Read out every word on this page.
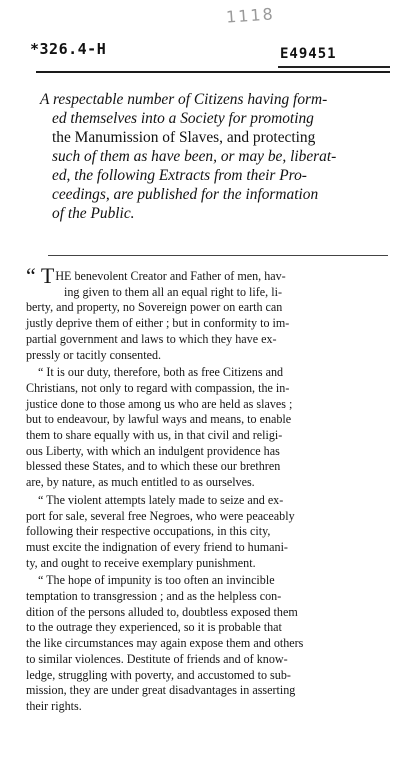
1118
*326.4-H	E49451
A respectable number of Citizens having form-
ed themselves into a Society for promoting
the Manumission of Slaves, and protecting
such of them as have been, or may be, liberat-
ed, the following Extracts from their Pro-
ceedings, are published for the information
of the Public.
“ THE benevolent Creator and Father of men, hav-
ing given to them all an equal right to life, li-
berty, and property, no Sovereign power on earth can
justly deprive them of either ; but in conformity to im-
partial government and laws to which they have ex-
pressly or tacitly consented.
“ It is our duty, therefore, both as free Citizens and
Christians, not only to regard with compassion, the in-
justice done to those among us who are held as slaves ;
but to endeavour, by lawful ways and means, to enable
them to share equally with us, in that civil and religi-
ous Liberty, with which an indulgent providence has
blessed these States, and to which these our brethren
are, by nature, as much entitled to as ourselves.
“ The violent attempts lately made to seize and ex-
port for sale, several free Negroes, who were peaceably
following their respective occupations, in this city,
must excite the indignation of every friend to humani-
ty, and ought to receive exemplary punishment.
“ The hope of impunity is too often an invincible
temptation to transgression ; and as the helpless con-
dition of the persons alluded to, doubtless exposed them
to the outrage they experienced, so it is probable that
the like circumstances may again expose them and others
to similar violences. Destitute of friends and of know-
ledge, struggling with poverty, and accustomed to sub-
mission, they are under great disadvantages in asserting
their rights.
